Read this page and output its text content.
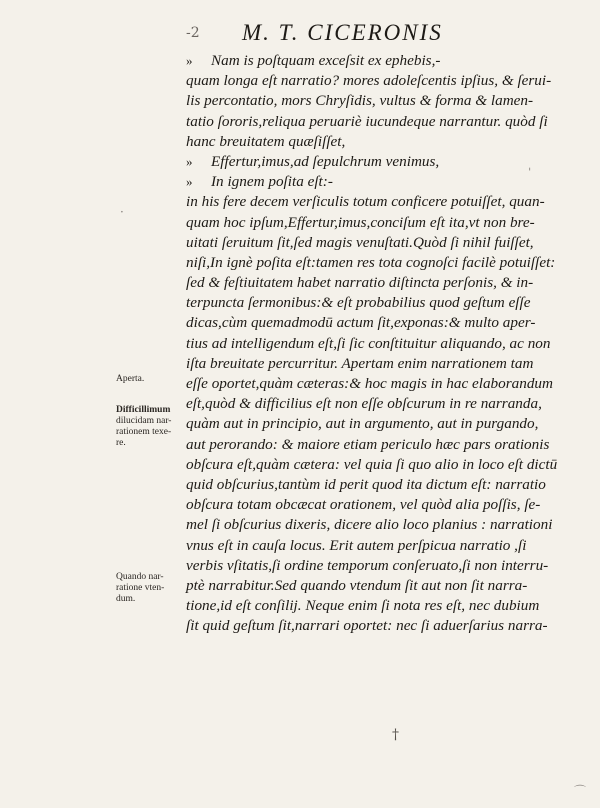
-2 M. T. CICERONIS
» Nam is poſtquam exceſsit ex ephebis,-
quam longa eſt narratio? mores adoleſcentis ipſius, & ſerui-
lis percontatio, mors Chryſidis, vultus & forma & lamen-
tatio ſororis,reliqua peruariè iucundeque narrantur. quòd ſi
hanc breuitatem quæſiſſet,
» Effertur,imus,ad ſepulchrum venimus,
» In ignem poſita eſt:-
in his fere decem verſiculis totum conficere potuiſſet, quan-
quam hoc ipſum,Effertur,imus,conciſum eſt ita,vt non bre-
uitati ſeruitum ſit,ſed magis venuſtati.Quòd ſi nihil fuiſſet,
niſi,In ignè poſita eſt:tamen res tota cognoſci facilè potuiſſet:
ſed & feſtiuitatem habet narratio diſtincta perſonis, & in-
terpunctа ſermonibus:& eſt probabilius quod geſtum eſſe
dicas,cùm quemadmodū actum ſit,exponas:& multo aper-
tius ad intelligendum eſt,ſi ſic conſtituitur aliquando, ac non
iſta breuitate percurritur. Apertam enim narrationem tam
eſſe oportet,quàm cæteras:& hoc magis in hac elaborandum
eſt,quòd & difficilius eſt non eſſe obſcurum in re narranda,
quàm aut in principio, aut in argumento, aut in purgando,
aut perorando: & maiore etiam periculo hæc pars orationis
obſcura eſt,quàm cætera: vel quia ſi quo alio in loco eſt dictū
quid obſcurius,tantùm id perit quod ita dictum eſt: narratio
obſcura totam obcæcat orationem, vel quòd alia poſſis, ſe-
mel ſi obſcurius dixeris, dicere alio loco planius : narrationi
vnus eſt in cauſa locus. Erit autem perſpicua narratio ,ſi
verbis vſitatis,ſi ordine temporum conſeruato,ſi non interru-
ptè narrabitur.Sed quando vtendum ſit aut non ſit narra-
tione,id eſt conſilij. Neque enim ſi nota res eſt, nec dubium
ſit quid geſtum ſit,narrari oportet: nec ſi aduerſarius narra-
Aperta.
Difficillimum
dilucidam nar-
rationem texe-
re.
Quando nar-
ratione vten-
dum.
·
ˈ
†
⌒
